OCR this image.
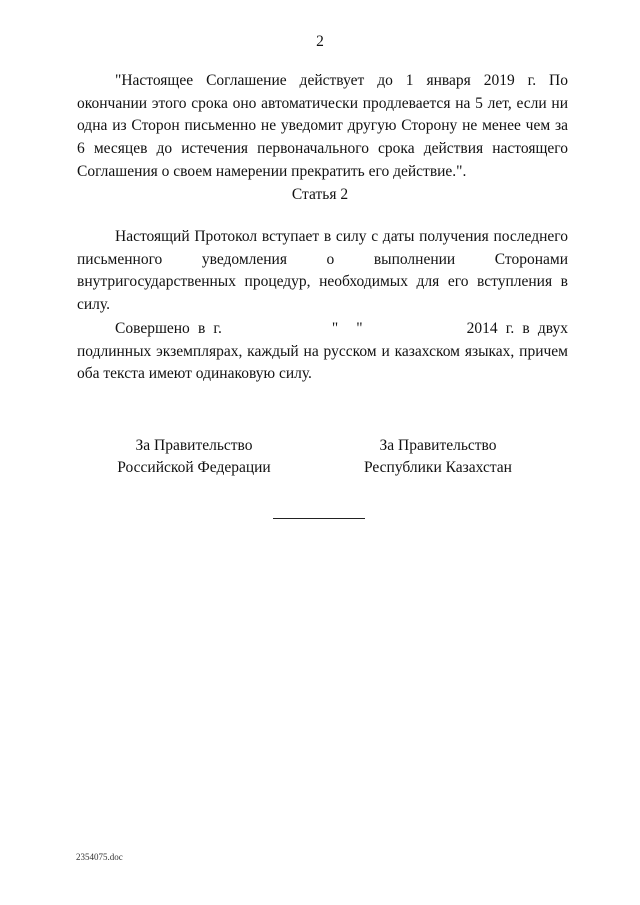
2
"Настоящее Соглашение действует до 1 января 2019 г. По окончании этого срока оно автоматически продлевается на 5 лет, если ни одна из Сторон письменно не уведомит другую Сторону не менее чем за 6 месяцев до истечения первоначального срока действия настоящего Соглашения о своем намерении прекратить его действие.".
Статья 2
Настоящий Протокол вступает в силу с даты получения последнего письменного уведомления о выполнении Сторонами внутригосударственных процедур, необходимых для его вступления в силу.
Совершено в г.	" "	2014 г. в двух подлинных экземплярах, каждый на русском и казахском языках, причем оба текста имеют одинаковую силу.
За Правительство
Российской Федерации
За Правительство
Республики Казахстан
2354075.doc
